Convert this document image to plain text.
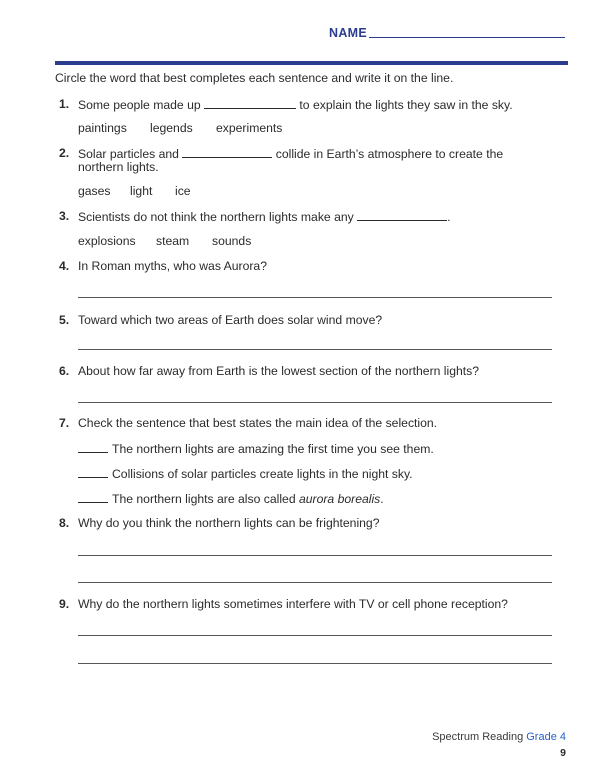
NAME
Circle the word that best completes each sentence and write it on the line.
1. Some people made up	to explain the lights they saw in the sky.
paintings legends experiments
2. Solar particles and	collide in Earth’s atmosphere to create the
northern lights.
gases light ice
3. Scientists do not think the northern lights make any	.
explosions steam sounds
4. In Roman myths, who was Aurora?
5. Toward which two areas of Earth does solar wind move?
6. About how far away from Earth is the lowest section of the northern lights?
7. Check the sentence that best states the main idea of the selection.
The northern lights are amazing the first time you see them.
Collisions of solar particles create lights in the night sky.
The northern lights are also called aurora borealis.
8. Why do you think the northern lights can be frightening?
9. Why do the northern lights sometimes interfere with TV or cell phone reception?
Spectrum Reading Grade 4
9
